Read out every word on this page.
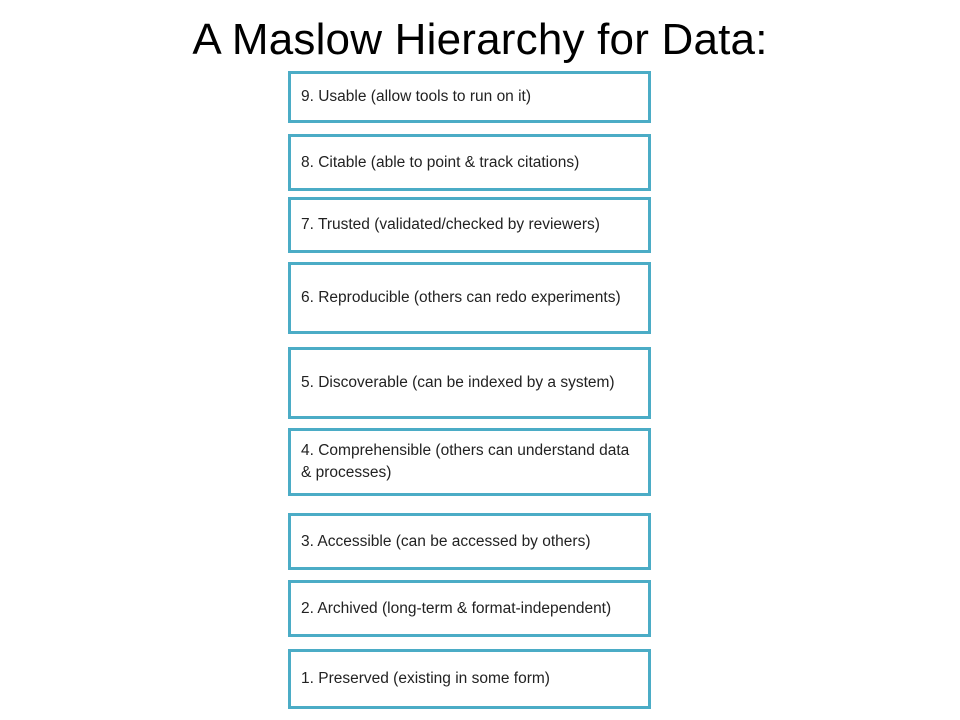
A Maslow Hierarchy for Data:
9. Usable (allow tools to run on it)
8. Citable (able to point & track citations)
7. Trusted (validated/checked by reviewers)
6. Reproducible (others can redo experiments)
5. Discoverable (can be indexed by a system)
4. Comprehensible (others can understand data & processes)
3. Accessible (can be accessed by others)
2. Archived (long-term & format-independent)
1. Preserved (existing in some form)
